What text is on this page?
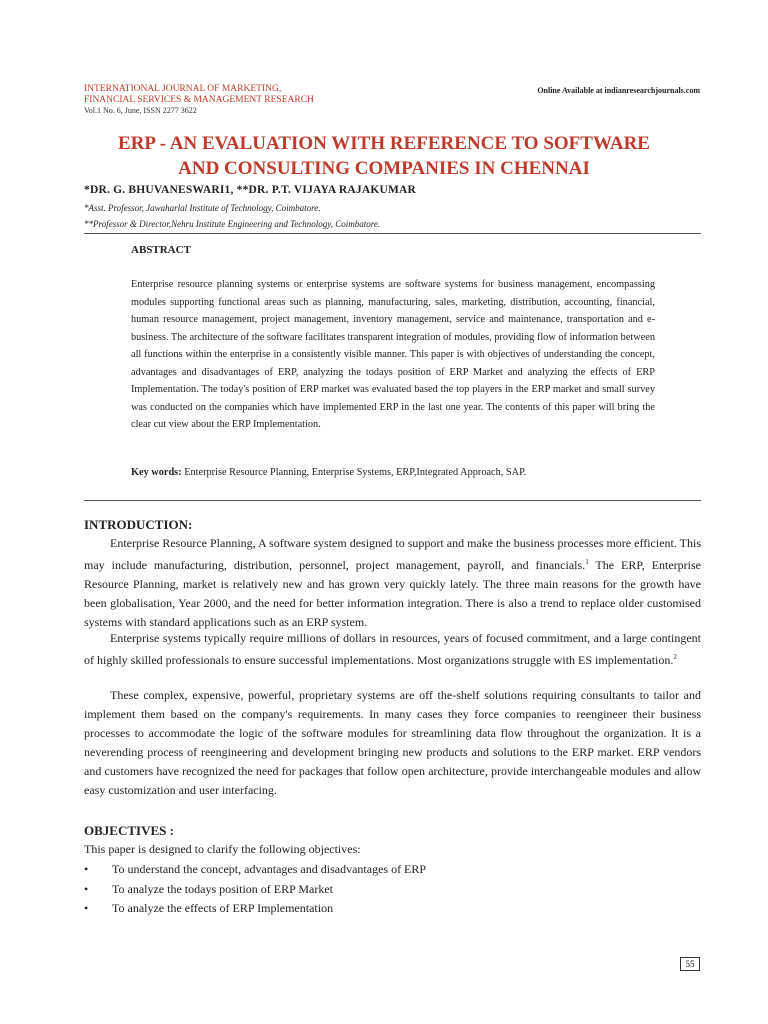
INTERNATIONAL JOURNAL OF MARKETING,
FINANCIAL SERVICES & MANAGEMENT RESEARCH
Vol.1 No. 6, June, ISSN 2277 3622
Online Available at indianresearchjournals.com
ERP - AN EVALUATION WITH REFERENCE TO SOFTWARE
AND CONSULTING COMPANIES IN CHENNAI
*DR. G. BHUVANESWARI1, **DR. P.T. VIJAYA RAJAKUMAR
*Asst. Professor, Jawaharlal Institute of Technology, Coimbatore.
**Professor & Director,Nehru Institute Engineering and Technology, Coimbatore.
ABSTRACT

Enterprise resource planning systems or enterprise systems are software systems for business management, encompassing modules supporting functional areas such as planning, manufacturing, sales, marketing, distribution, accounting, financial, human resource management, project management, inventory management, service and maintenance, transportation and e-business. The architecture of the software facilitates transparent integration of modules, providing flow of information between all functions within the enterprise in a consistently visible manner. This paper is with objectives of understanding the concept, advantages and disadvantages of ERP, analyzing the todays position of ERP Market and analyzing the effects of ERP Implementation. The today's position of ERP market was evaluated based the top players in the ERP market and small survey was conducted on the companies which have implemented ERP in the last one year. The contents of this paper will bring the clear cut view about the ERP Implementation.

Key words: Enterprise Resource Planning, Enterprise Systems, ERP,Integrated Approach, SAP.
INTRODUCTION:

Enterprise Resource Planning, A software system designed to support and make the business processes more efficient. This may include manufacturing, distribution, personnel, project management, payroll, and financials.$^1$ The ERP, Enterprise Resource Planning, market is relatively new and has grown very quickly lately. The three main reasons for the growth have been globalisation, Year 2000, and the need for better information integration. There is also a trend to replace older customised systems with standard applications such as an ERP system.

Enterprise systems typically require millions of dollars in resources, years of focused commitment, and a large contingent of highly skilled professionals to ensure successful implementations. Most organizations struggle with ES implementation.$^2$

These complex, expensive, powerful, proprietary systems are off the-shelf solutions requiring consultants to tailor and implement them based on the company's requirements. In many cases they force companies to reengineer their business processes to accommodate the logic of the software modules for streamlining data flow throughout the organization. It is a neverending process of reengineering and development bringing new products and solutions to the ERP market. ERP vendors and customers have recognized the need for packages that follow open architecture, provide interchangeable modules and allow easy customization and user interfacing.

OBJECTIVES :
This paper is designed to clarify the following objectives:
• To understand the concept, advantages and disadvantages of ERP
• To analyze the todays position of ERP Market
• To analyze the effects of ERP Implementation
55
